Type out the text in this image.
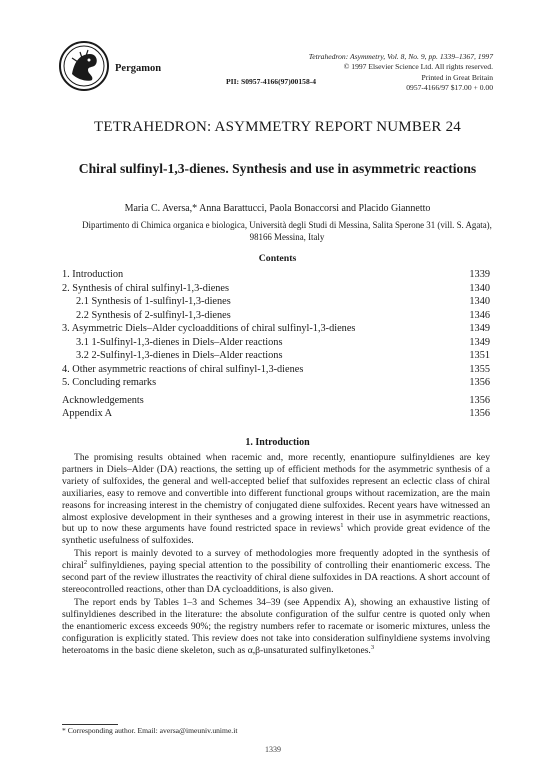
Pergamon
Tetrahedron: Asymmetry, Vol. 8, No. 9, pp. 1339–1367, 1997
© 1997 Elsevier Science Ltd. All rights reserved.
Printed in Great Britain
0957-4166/97 $17.00 + 0.00
PII: S0957-4166(97)00158-4
TETRAHEDRON: ASYMMETRY REPORT NUMBER 24
Chiral sulfinyl-1,3-dienes. Synthesis and use in asymmetric reactions
Maria C. Aversa,* Anna Barattucci, Paola Bonaccorsi and Placido Giannetto
Dipartimento di Chimica organica e biologica, Università degli Studi di Messina, Salita Sperone 31 (vill. S. Agata), 98166 Messina, Italy
Contents
1. Introduction	1339
2. Synthesis of chiral sulfinyl-1,3-dienes	1340
2.1 Synthesis of 1-sulfinyl-1,3-dienes	1340
2.2 Synthesis of 2-sulfinyl-1,3-dienes	1346
3. Asymmetric Diels–Alder cycloadditions of chiral sulfinyl-1,3-dienes	1349
3.1 1-Sulfinyl-1,3-dienes in Diels–Alder reactions	1349
3.2 2-Sulfinyl-1,3-dienes in Diels–Alder reactions	1351
4. Other asymmetric reactions of chiral sulfinyl-1,3-dienes	1355
5. Concluding remarks	1356
Acknowledgements	1356
Appendix A	1356
1. Introduction

The promising results obtained when racemic and, more recently, enantiopure sulfinyldienes are key partners in Diels–Alder (DA) reactions, the setting up of efficient methods for the asymmetric synthesis of a variety of sulfoxides, the general and well-accepted belief that sulfoxides represent an eclectic class of chiral auxiliaries, easy to remove and convertible into different functional groups without racemization, are the main reasons for increasing interest in the chemistry of conjugated diene sulfoxides. Recent years have witnessed an almost explosive development in their syntheses and a growing interest in their use in asymmetric reactions, but up to now these arguments have found restricted space in reviews$^1$ which provide great evidence of the synthetic usefulness of sulfoxides.

This report is mainly devoted to a survey of methodologies more frequently adopted in the synthesis of chiral$^2$ sulfinyldienes, paying special attention to the possibility of controlling their enantiomeric excess. The second part of the review illustrates the reactivity of chiral diene sulfoxides in DA reactions. A short account of stereocontrolled reactions, other than DA cycloadditions, is also given.

The report ends by Tables 1–3 and Schemes 34–39 (see Appendix A), showing an exhaustive listing of sulfinyldienes described in the literature: the absolute configuration of the sulfur centre is quoted only when the enantiomeric excess exceeds 90%; the registry numbers refer to racemate or isomeric mixtures, unless the configuration is explicitly stated. This review does not take into consideration sulfinyldiene systems involving heteroatoms in the basic diene skeleton, such as α,β-unsaturated sulfinylketones.$^3$

* Corresponding author. Email: aversa@imeuniv.unime.it
1339
